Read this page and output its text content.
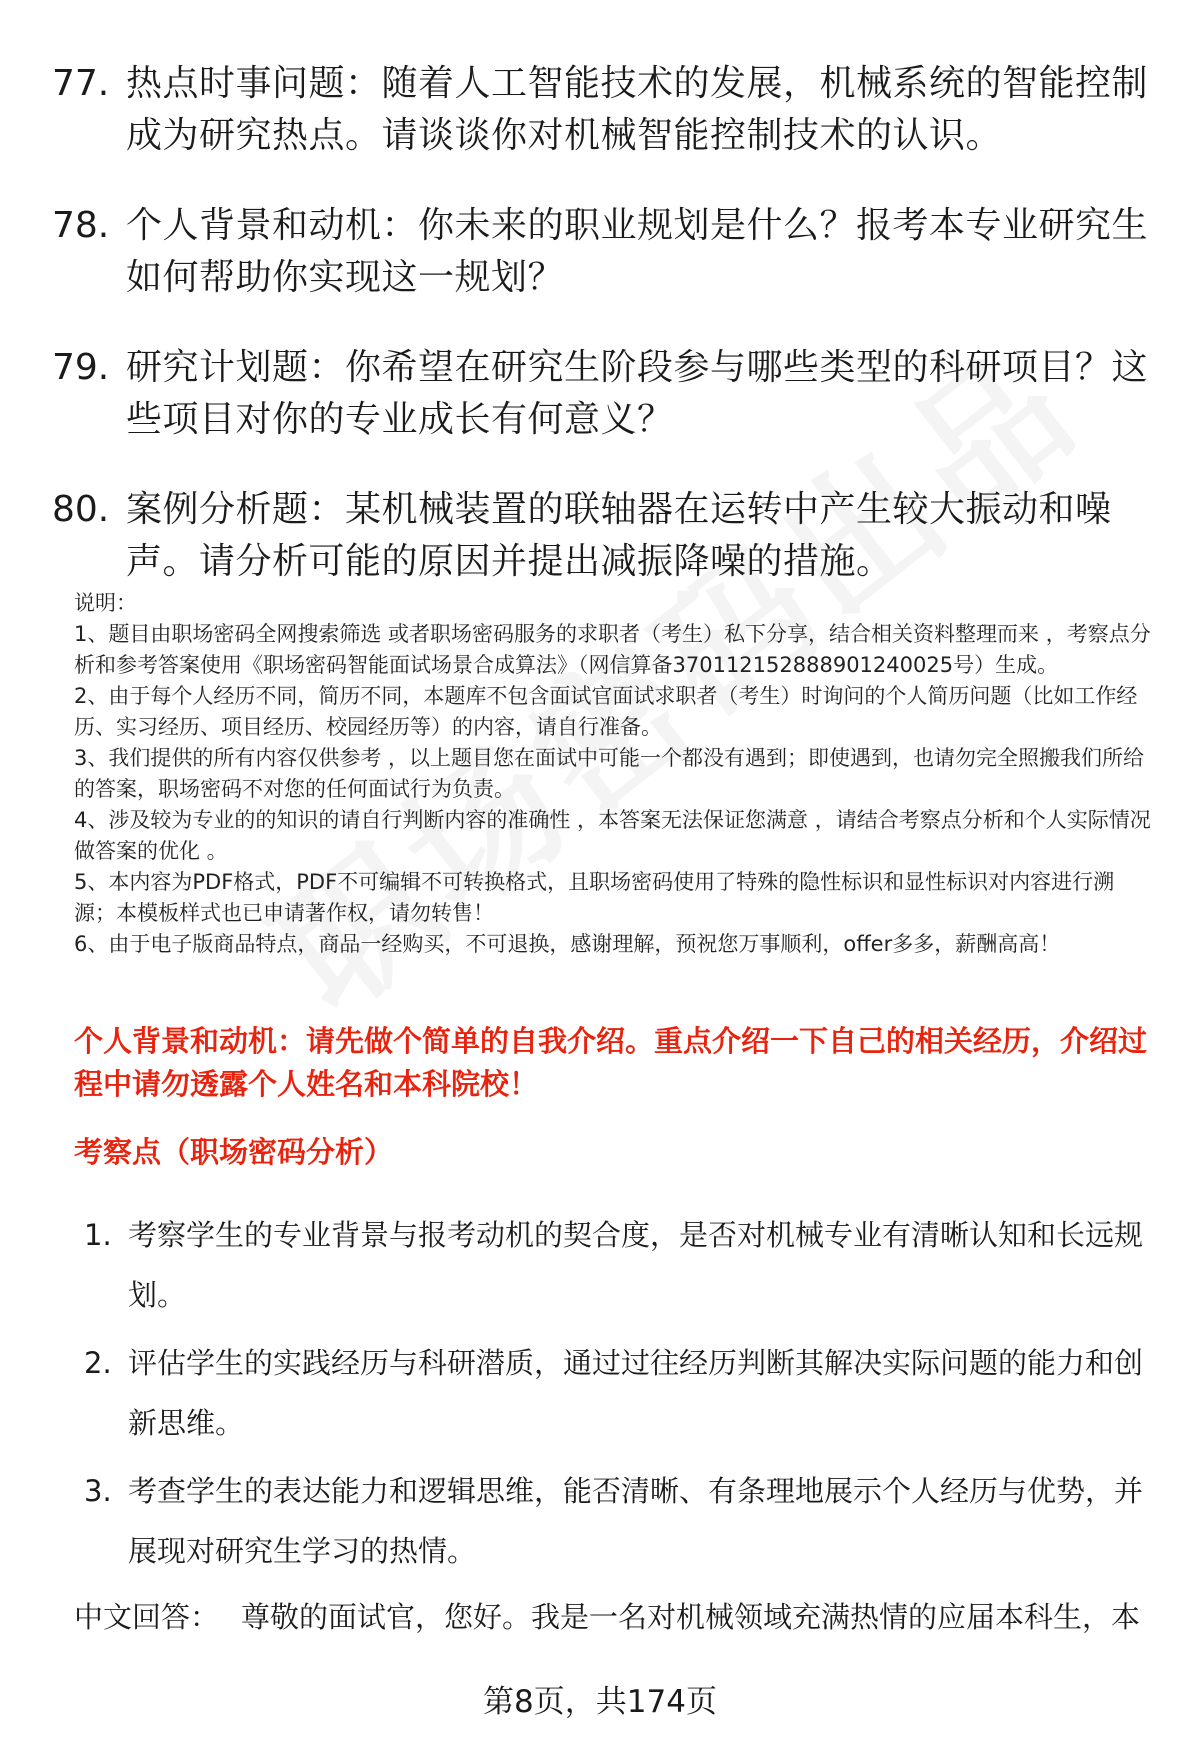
77. 热点时事问题：随着人工智能技术的发展，机械系统的智能控制成为研究热点。请谈谈你对机械智能控制技术的认识。
78. 个人背景和动机：你未来的职业规划是什么？报考本专业研究生如何帮助你实现这一规划？
79. 研究计划题：你希望在研究生阶段参与哪些类型的科研项目？这些项目对你的专业成长有何意义？
80. 案例分析题：某机械装置的联轴器在运转中产生较大振动和噪声。请分析可能的原因并提出减振降噪的措施。

说明：

1、题目由职场密码全网搜索筛选 或者职场密码服务的求职者（考生）私下分享，结合相关资料整理而来 ，考察点分析和参考答案使用《职场密码智能面试场景合成算法》（网信算备370112152888901240025号）生成。

2、由于每个人经历不同，简历不同，本题库不包含面试官面试求职者（考生）时询问的个人简历问题（比如工作经历、实习经历、项目经历、校园经历等）的内容，请自行准备。

3、我们提供的所有内容仅供参考 ，以上题目您在面试中可能一个都没有遇到；即使遇到，也请勿完全照搬我们所给的答案，职场密码不对您的任何面试行为负责。

4、涉及较为专业的的知识的请自行判断内容的准确性 ，本答案无法保证您满意 ，请结合考察点分析和个人实际情况做答案的优化 。

5、本内容为PDF格式，PDF不可编辑不可转换格式，且职场密码使用了特殊的隐性标识和显性标识对内容进行溯源；本模板样式也已申请著作权，请勿转售！

6、由于电子版商品特点，商品一经购买，不可退换，感谢理解，预祝您万事顺利，offer多多，薪酬高高！

个人背景和动机：请先做个简单的自我介绍。重点介绍一下自己的相关经历，介绍过程中请勿透露个人姓名和本科院校！
考察点（职场密码分析）
1. 考察学生的专业背景与报考动机的契合度，是否对机械专业有清晰认知和长远规划。
2. 评估学生的实践经历与科研潜质，通过过往经历判断其解决实际问题的能力和创新思维。
3. 考查学生的表达能力和逻辑思维，能否清晰、有条理地展示个人经历与优势，并展现对研究生学习的热情。
中文回答： 尊敬的面试官，您好。我是一名对机械领域充满热情的应届本科生，本
第8页，共174页
